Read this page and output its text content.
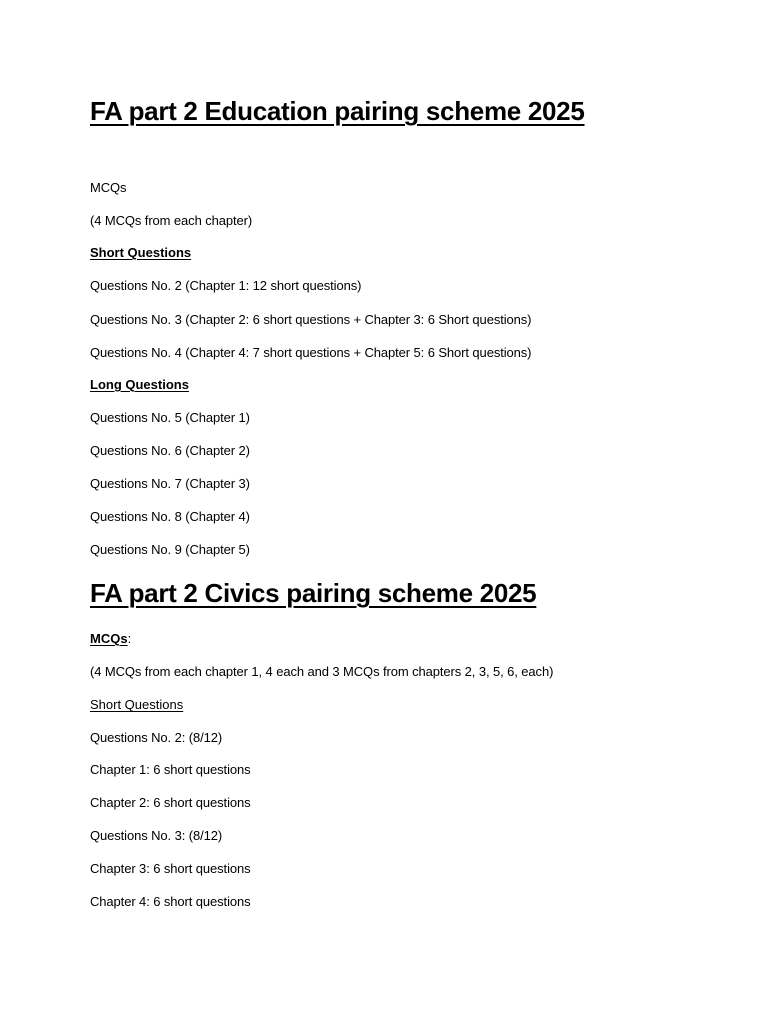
FA part 2 Education pairing scheme 2025
MCQs
(4 MCQs from each chapter)
Short Questions
Questions No. 2 (Chapter 1: 12 short questions)
Questions No. 3 (Chapter 2: 6 short questions + Chapter 3: 6 Short questions)
Questions No. 4 (Chapter 4: 7 short questions + Chapter 5: 6 Short questions)
Long Questions
Questions No. 5 (Chapter 1)
Questions No. 6 (Chapter 2)
Questions No. 7 (Chapter 3)
Questions No. 8 (Chapter 4)
Questions No. 9 (Chapter 5)
FA part 2 Civics pairing scheme 2025
MCQs:
(4 MCQs from each chapter 1, 4 each and 3 MCQs from chapters 2, 3, 5, 6, each)
Short Questions
Questions No. 2: (8/12)
Chapter 1: 6 short questions
Chapter 2: 6 short questions
Questions No. 3: (8/12)
Chapter 3: 6 short questions
Chapter 4: 6 short questions
